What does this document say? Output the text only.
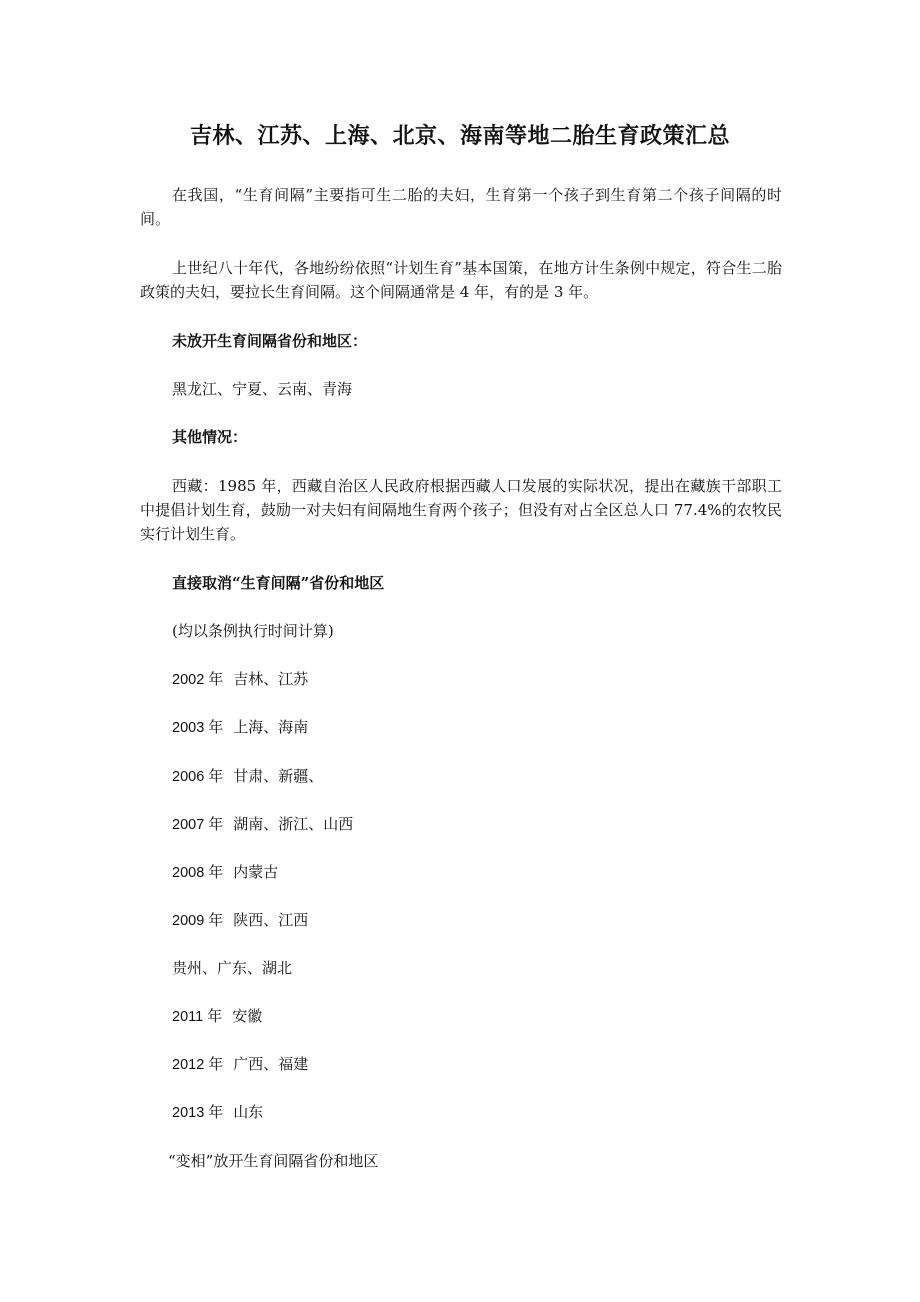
吉林、江苏、上海、北京、海南等地二胎生育政策汇总
在我国，“生育间隔”主要指可生二胎的夫妇，生育第一个孩子到生育第二个孩子间隔的时间。
上世纪八十年代，各地纷纷依照“计划生育”基本国策，在地方计生条例中规定，符合生二胎政策的夫妇，要拉长生育间隔。这个间隔通常是 4 年，有的是 3 年。
未放开生育间隔省份和地区：
黑龙江、宁夏、云南、青海
其他情况：
西藏：1985 年，西藏自治区人民政府根据西藏人口发展的实际状况，提出在藏族干部职工中提倡计划生育，鼓励一对夫妇有间隔地生育两个孩子；但没有对占全区总人口 77.4%的农牧民实行计划生育。
直接取消“生育间隔”省份和地区
(均以条例执行时间计算)
2002 年 吉林、江苏
2003 年 上海、海南
2006 年 甘肃、新疆、
2007 年 湖南、浙江、山西
2008 年 内蒙古
2009 年 陕西、江西
贵州、广东、湖北
2011 年 安徽
2012 年 广西、福建
2013 年 山东
“变相”放开生育间隔省份和地区
